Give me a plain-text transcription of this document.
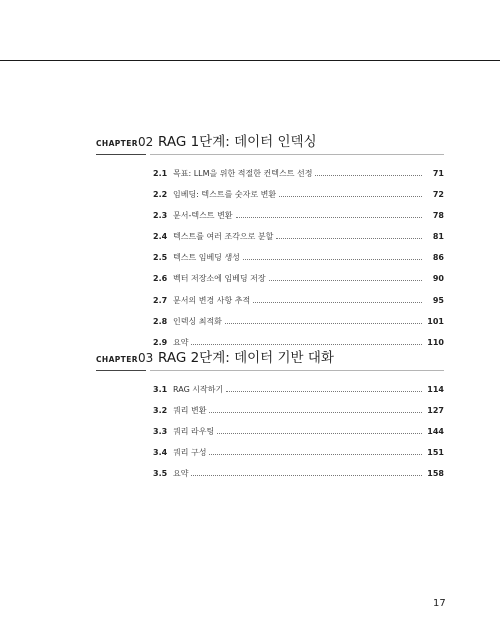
CHAPTER 02 RAG 1단계: 데이터 인덱싱
2.1 목표: LLM을 위한 적절한 컨텍스트 선정	71
2.2 임베딩: 텍스트를 숫자로 변환	72
2.3 문서-텍스트 변환	78
2.4 텍스트를 여러 조각으로 분할	81
2.5 텍스트 임베딩 생성	86
2.6 벡터 저장소에 임베딩 저장	90
2.7 문서의 변경 사항 추적	95
2.8 인덱싱 최적화	101
2.9 요약	110
CHAPTER 03 RAG 2단계: 데이터 기반 대화
3.1 RAG 시작하기	114
3.2 쿼리 변환	127
3.3 쿼리 라우팅	144
3.4 쿼리 구성	151
3.5 요약	158
17
